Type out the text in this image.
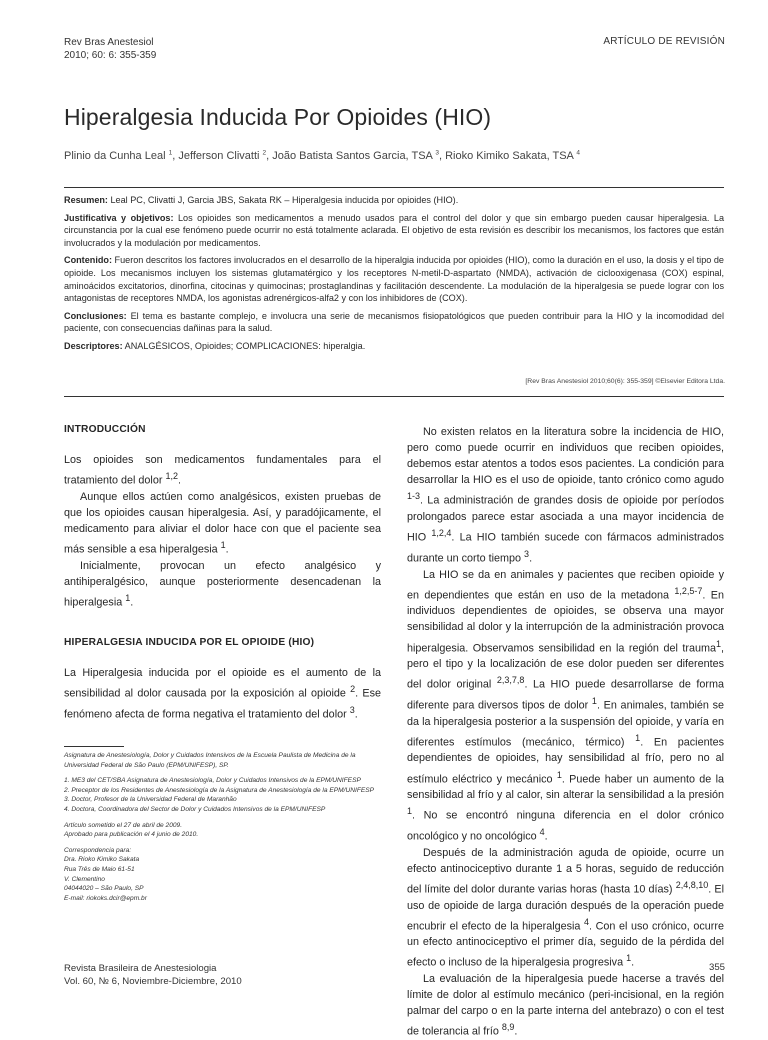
Rev Bras Anestesiol
2010; 60: 6: 355-359
ARTÍCULO DE REVISIÓN
Hiperalgesia Inducida Por Opioides (HIO)
Plinio da Cunha Leal $^1$, Jefferson Clivatti $^2$, João Batista Santos Garcia, TSA $^3$, Rioko Kimiko Sakata, TSA $^4$

Resumen: Leal PC, Clivatti J, Garcia JBS, Sakata RK – Hiperalgesia inducida por opioides (HIO).

Justificativa y objetivos: Los opioides son medicamentos a menudo usados para el control del dolor y que sin embargo pueden causar hiperalgesia. La circunstancia por la cual ese fenómeno puede ocurrir no está totalmente aclarada. El objetivo de esta revisión es describir los mecanismos, los factores que están involucrados y la modulación por medicamentos.

Contenido: Fueron descritos los factores involucrados en el desarrollo de la hiperalgia inducida por opioides (HIO), como la duración en el uso, la dosis y el tipo de opioide. Los mecanismos incluyen los sistemas glutamatérgico y los receptores N-metil-D-aspartato (NMDA), activación de ciclooxigenasa (COX) espinal, aminoácidos excitatorios, dinorfina, citocinas y quimocinas; prostaglandinas y facilitación descendente. La modulación de la hiperalgesia se puede lograr con los antagonistas de receptores NMDA, los agonistas adrenérgicos-alfa2 y con los inhibidores de (COX).

Conclusiones: El tema es bastante complejo, e involucra una serie de mecanismos fisiopatológicos que pueden contribuir para la HIO y la incomodidad del paciente, con consecuencias dañinas para la salud.

Descriptores: ANALGÉSICOS, Opioides; COMPLICACIONES: hiperalgia.

[Rev Bras Anestesiol 2010;60(6): 355-359] ©Elsevier Editora Ltda.
INTRODUCCIÓN

Los opioides son medicamentos fundamentales para el tratamiento del dolor $^{1,2}$.

Aunque ellos actúen como analgésicos, existen pruebas de que los opioides causan hiperalgesia. Así, y paradójicamente, el medicamento para aliviar el dolor hace con que el paciente sea más sensible a esa hiperalgesia $^1$.

Inicialmente, provocan un efecto analgésico y antihiperalgésico, aunque posteriormente desencadenan la hiperalgesia $^1$.

HIPERALGESIA INDUCIDA POR EL OPIOIDE (HIO)

La Hiperalgesia inducida por el opioide es el aumento de la sensibilidad al dolor causada por la exposición al opioide $^2$. Ese fenómeno afecta de forma negativa el tratamiento del dolor $^3$.

Asignatura de Anestesiología, Dolor y Cuidados Intensivos de la Escuela Paulista de Medicina de la Universidad Federal de São Paulo (EPM/UNIFESP), SP.

1. ME3 del CET/SBA Asignatura de Anestesiología, Dolor y Cuidados Intensivos de la EPM/UNIFESP

2. Preceptor de los Residentes de Anestesiología de la Asignatura de Anestesiología de la EPM/UNIFESP

3. Doctor, Profesor de la Universidad Federal de Maranhão

4. Doctora, Coordinadora del Sector de Dolor y Cuidados Intensivos de la EPM/UNIFESP

Artículo sometido el 27 de abril de 2009.

Aprobado para publicación el 4 junio de 2010.

Correspondencia para:

Dra. Rioko Kimiko Sakata

Rua Três de Maio 61-51

V. Clementino

04044020 – São Paulo, SP

E-mail: riokoks.dcir@epm.br

No existen relatos en la literatura sobre la incidencia de HIO, pero como puede ocurrir en individuos que reciben opioides, debemos estar atentos a todos esos pacientes. La condición para desarrollar la HIO es el uso de opioide, tanto crónico como agudo $^{1-3}$. La administración de grandes dosis de opioide por períodos prolongados parece estar asociada a una mayor incidencia de HIO $^{1,2,4}$. La HIO también sucede con fármacos administrados durante un corto tiempo $^3$.

La HIO se da en animales y pacientes que reciben opioide y en dependientes que están en uso de la metadona $^{1,2,5-7}$. En individuos dependientes de opioides, se observa una mayor sensibilidad al dolor y la interrupción de la administración provoca hiperalgesia. Observamos sensibilidad en la región del trauma$^1$, pero el tipo y la localización de ese dolor pueden ser diferentes del dolor original $^{2,3,7,8}$. La HIO puede desarrollarse de forma diferente para diversos tipos de dolor $^1$. En animales, también se da la hiperalgesia posterior a la suspensión del opioide, y varía en diferentes estímulos (mecánico, térmico) $^1$. En pacientes dependientes de opioides, hay sensibilidad al frío, pero no al estímulo eléctrico y mecánico $^1$. Puede haber un aumento de la sensibilidad al frío y al calor, sin alterar la sensibilidad a la presión $^1$. No se encontró ninguna diferencia en el dolor crónico oncológico y no oncológico $^4$.

Después de la administración aguda de opioide, ocurre un efecto antinociceptivo durante 1 a 5 horas, seguido de reducción del límite del dolor durante varias horas (hasta 10 días) $^{2,4,8,10}$. El uso de opioide de larga duración después de la operación puede encubrir el efecto de la hiperalgesia $^4$. Con el uso crónico, ocurre un efecto antinociceptivo el primer día, seguido de la pérdida del efecto o incluso de la hiperalgesia progresiva $^1$.

La evaluación de la hiperalgesia puede hacerse a través del límite de dolor al estímulo mecánico (peri-incisional, en la región palmar del carpo o en la parte interna del antebrazo) o con el test de tolerancia al frío $^{8,9}$.

Revista Brasileira de Anestesiologia
Vol. 60, № 6, Noviembre-Diciembre, 2010
355
